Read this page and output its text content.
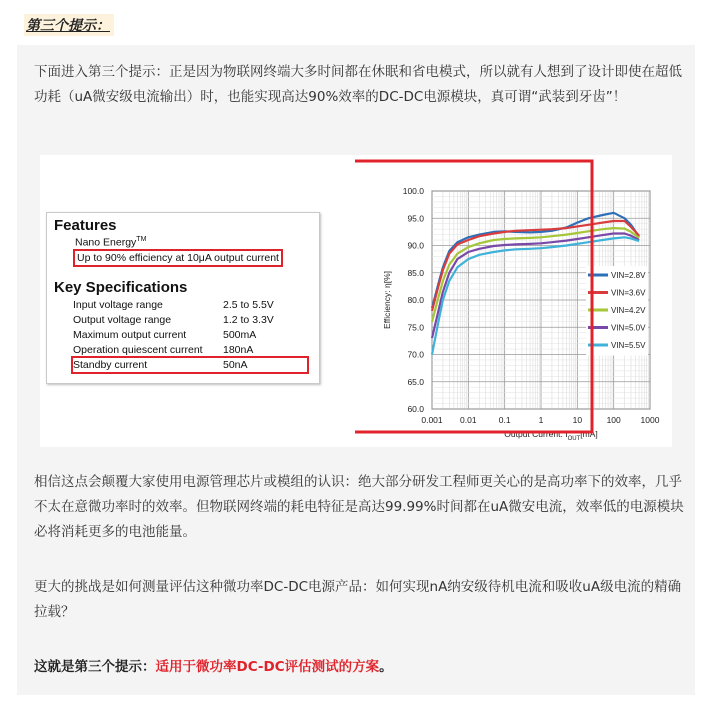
第三个提示：

下面进入第三个提示：正是因为物联网终端大多时间都在休眠和省电模式，所以就有人想到了设计即使在超低功耗（uA微安级电流输出）时，也能实现高达90%效率的DC-DC电源模块，真可谓“武装到牙齿”！

Features
Nano Energy™
Up to 90% efficiency at 10μA output current
Key Specifications
Input voltage range	2.5 to 5.5V
Output voltage range	1.2 to 3.3V
Maximum output current	500mA
Operation quiescent current 180nA
Standby current	50nA
0.001 0.01	0.1	1	10	100 1000
60.0
65.0
70.0
75.0
80.0
85.0
90.0
95.0
100.0
VIN=2.8V
VIN=3.6V
VIN=4.2V
VIN=5.0V
VIN=5.5V
Output Current: $I_{OUT}[mA]$
Efficiency: η[%]

相信这点会颠覆大家使用电源管理芯片或模组的认识：绝大部分研发工程师更关心的是高功率下的效率，几乎不太在意微功率时的效率。但物联网终端的耗电特征是高达99.99%时间都在uA微安电流，效率低的电源模块必将消耗更多的电池能量。

更大的挑战是如何测量评估这种微功率DC-DC电源产品：如何实现nA纳安级待机电流和吸收uA级电流的精确拉载？

这就是第三个提示：适用于微功率DC-DC评估测试的方案。
